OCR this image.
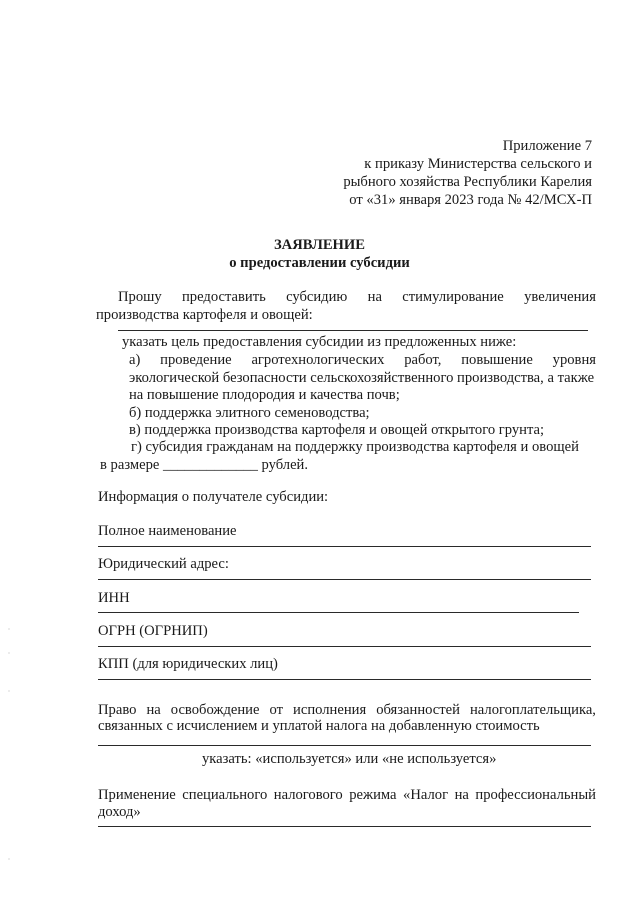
Приложение 7
к приказу Министерства сельского и
рыбного хозяйства Республики Карелия
от «31» января 2023 года № 42/МСХ-П
ЗАЯВЛЕНИЕ
о предоставлении субсидии
Прошу предоставить субсидию на стимулирование увеличения
производства картофеля и овощей:
указать цель предоставления субсидии из предложенных ниже:
а) проведение агротехнологических работ, повышение уровня
экологической безопасности сельскохозяйственного производства, а также
на повышение плодородия и качества почв;
б) поддержка элитного семеноводства;
в) поддержка производства картофеля и овощей открытого грунта;
г) субсидия гражданам на поддержку производства картофеля и овощей
в размере _____________ рублей.
Информация о получателе субсидии:
Полное наименование
Юридический адрес:
ИНН
ОГРН (ОГРНИП)
КПП (для юридических лиц)
Право на освобождение от исполнения обязанностей налогоплательщика,
связанных с исчислением и уплатой налога на добавленную стоимость
указать: «используется» или «не используется»
Применение специального налогового режима «Налог на профессиональный
доход»
